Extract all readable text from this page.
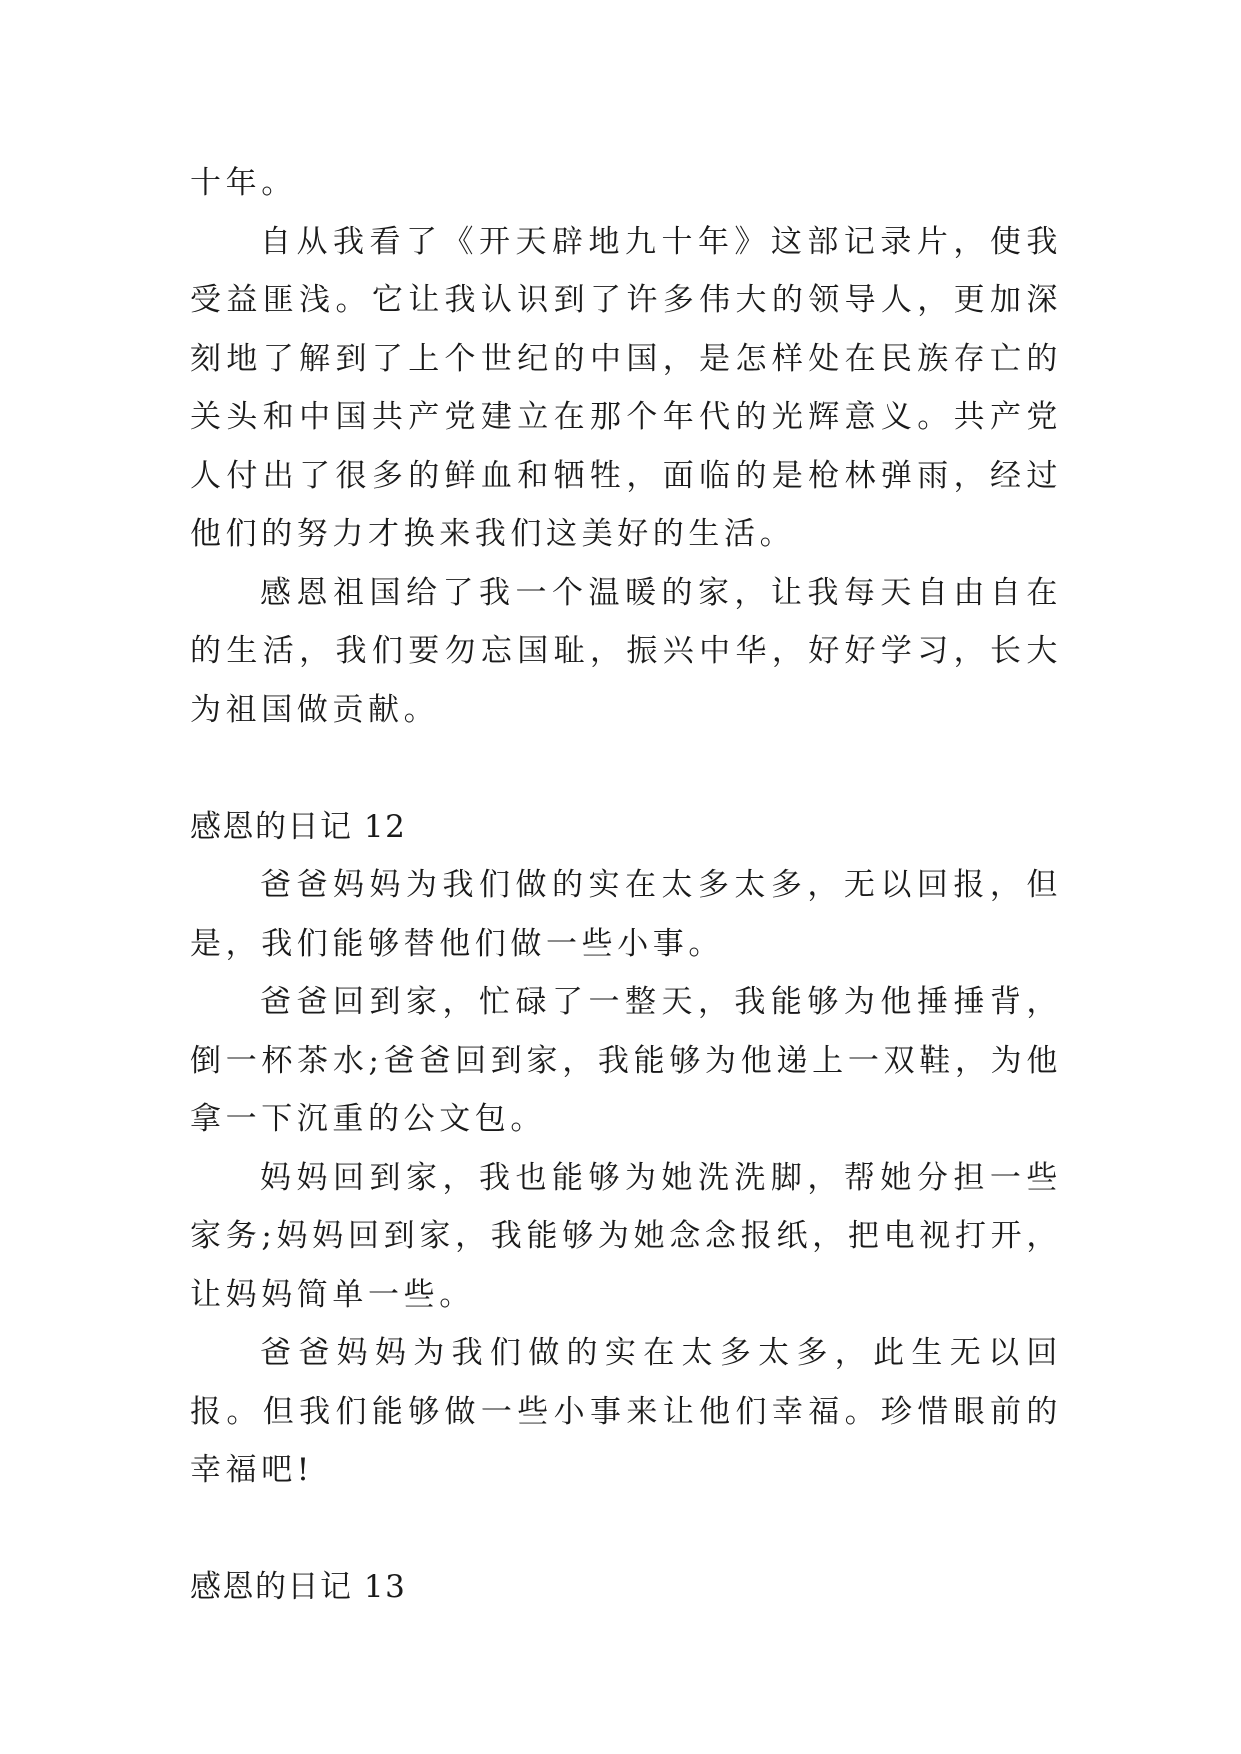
十年。

自从我看了《开天辟地九十年》这部记录片，使我受益匪浅。它让我认识到了许多伟大的领导人，更加深刻地了解到了上个世纪的中国，是怎样处在民族存亡的关头和中国共产党建立在那个年代的光辉意义。共产党人付出了很多的鲜血和牺牲，面临的是枪林弹雨，经过他们的努力才换来我们这美好的生活。

感恩祖国给了我一个温暖的家，让我每天自由自在的生活，我们要勿忘国耻，振兴中华，好好学习，长大为祖国做贡献。

感恩的日记 12

爸爸妈妈为我们做的实在太多太多，无以回报，但是，我们能够替他们做一些小事。

爸爸回到家，忙碌了一整天，我能够为他捶捶背，倒一杯茶水;爸爸回到家，我能够为他递上一双鞋，为他拿一下沉重的公文包。

妈妈回到家，我也能够为她洗洗脚，帮她分担一些家务;妈妈回到家，我能够为她念念报纸，把电视打开，让妈妈简单一些。

爸爸妈妈为我们做的实在太多太多，此生无以回报。但我们能够做一些小事来让他们幸福。珍惜眼前的幸福吧!

感恩的日记 13
